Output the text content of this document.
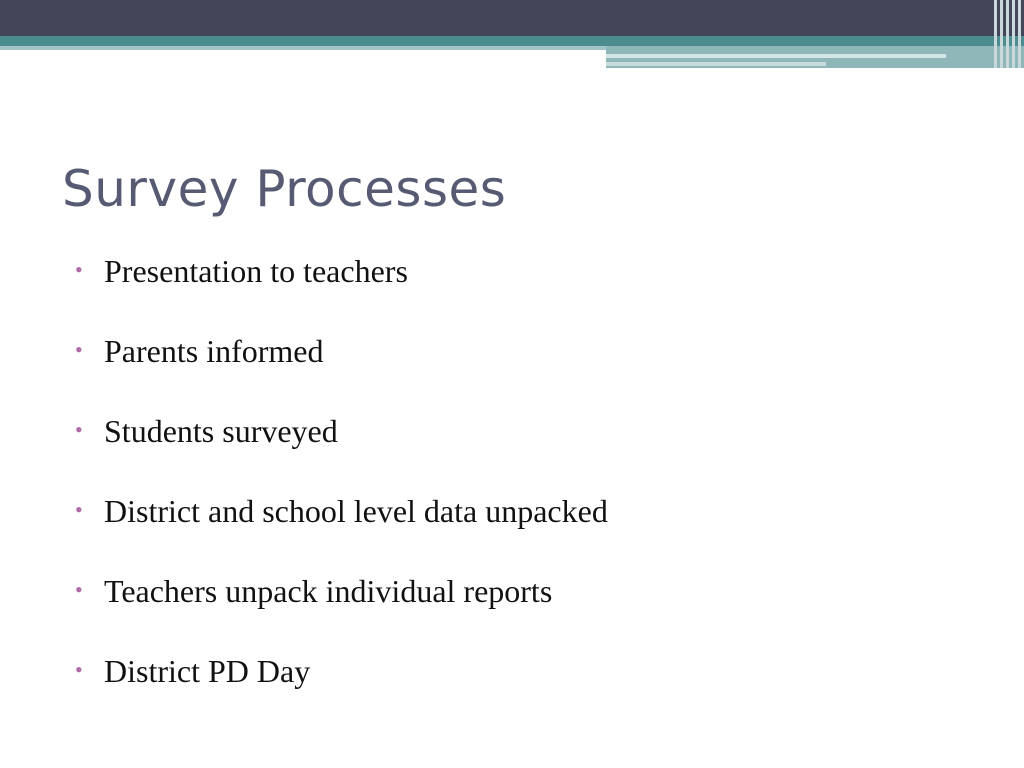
Survey Processes
• Presentation to teachers
• Parents informed
• Students surveyed
• District and school level data unpacked
• Teachers unpack individual reports
• District PD Day
